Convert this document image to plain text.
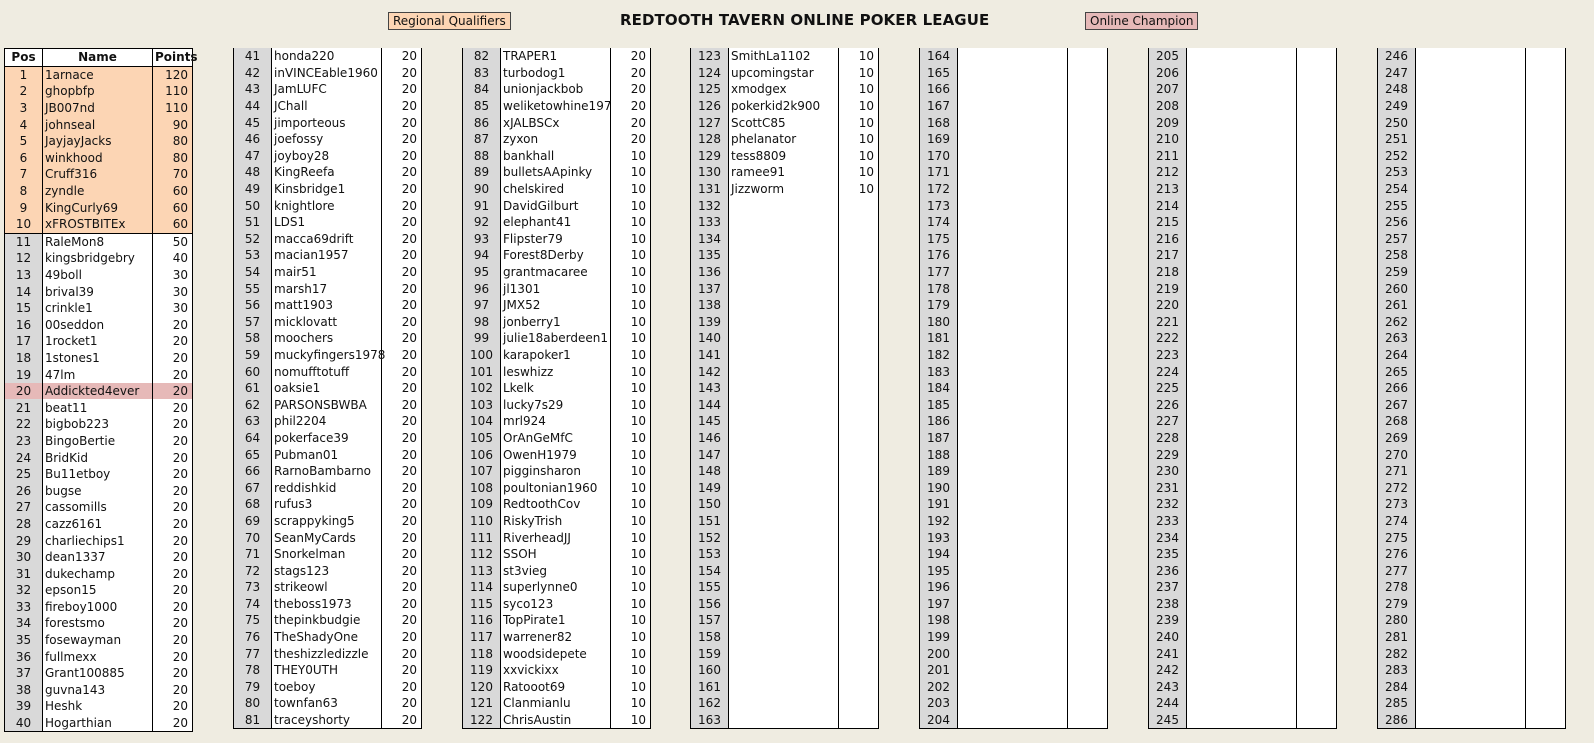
REDTOOTH TAVERN ONLINE POKER LEAGUE
Regional Qualifiers	Online Champion
Pos	Name	Points
1	1arnace	120
2	ghopbfp	110
3	JB007nd	110
4	johnseal	90
5	JayjayJacks	80
6	winkhood	80
7	Cruff316	70
8	zyndle	60
9	KingCurly69	60
10	xFROSTBITEx	60
11	RaleMon8	50
12	kingsbridgebry	40
13	49boll	30
14	brival39	30
15	crinkle1	30
16	00seddon	20
17	1rocket1	20
18	1stones1	20
19	47lm	20
20	Addickted4ever	20
21	beat11	20
22	bigbob223	20
23	BingoBertie	20
24	BridKid	20
25	Bu11etboy	20
26	bugse	20
27	cassomills	20
28	cazz6161	20
29	charliechips1	20
30	dean1337	20
31	dukechamp	20
32	epson15	20
33	fireboy1000	20
34	forestsmo	20
35	fosewayman	20
36	fullmexx	20
37	Grant100885	20
38	guvna143	20
39	Heshk	20
40	Hogarthian	20
41	honda220	20
42	inVINCEable1960	20
43	JamLUFC	20
44	JChall	20
45	jimporteous	20
46	joefossy	20
47	joyboy28	20
48	KingReefa	20
49	Kinsbridge1	20
50	knightlore	20
51	LDS1	20
52	macca69drift	20
53	macian1957	20
54	mair51	20
55	marsh17	20
56	matt1903	20
57	micklovatt	20
58	moochers	20
59	muckyfingers1978	20
60	nomufftotuff	20
61	oaksie1	20
62	PARSONSBWBA	20
63	phil2204	20
64	pokerface39	20
65	Pubman01	20
66	RarnoBambarno	20
67	reddishkid	20
68	rufus3	20
69	scrappyking5	20
70	SeanMyCards	20
71	Snorkelman	20
72	stags123	20
73	strikeowl	20
74	theboss1973	20
75	thepinkbudgie	20
76	TheShadyOne	20
77	theshizzledizzle	20
78	THEY0UTH	20
79	toeboy	20
80	townfan63	20
81	traceyshorty	20
82	TRAPER1	20
83	turbodog1	20
84	unionjackbob	20
85	weliketowhine197	20
86	xJALBSCx	20
87	zyxon	20
88	bankhall	10
89	bulletsAApinky	10
90	chelskired	10
91	DavidGilburt	10
92	elephant41	10
93	Flipster79	10
94	Forest8Derby	10
95	grantmacaree	10
96	jl1301	10
97	JMX52	10
98	jonberry1	10
99	julie18aberdeen1	10
100	karapoker1	10
101	leswhizz	10
102	Lkelk	10
103	lucky7s29	10
104	mrl924	10
105	OrAnGeMfC	10
106	OwenH1979	10
107	pigginsharon	10
108	poultonian1960	10
109	RedtoothCov	10
110	RiskyTrish	10
111	RiverheadJJ	10
112	SSOH	10
113	st3vieg	10
114	superlynne0	10
115	syco123	10
116	TopPirate1	10
117	warrener82	10
118	woodsidepete	10
119	xxvickixx	10
120	Ratooot69	10
121	Clanmianlu	10
122	ChrisAustin	10
123	SmithLa1102	10
124	upcomingstar	10
125	xmodgex	10
126	pokerkid2k900	10
127	ScottC85	10
128	phelanator	10
129	tess8809	10
130	ramee91	10
131	Jizzworm	10
132		
133		
134		
135		
136		
137		
138		
139		
140		
141		
142		
143		
144		
145		
146		
147		
148		
149		
150		
151		
152		
153		
154		
155		
156		
157		
158		
159		
160		
161		
162		
163		
164		
165		
166		
167		
168		
169		
170		
171		
172		
173		
174		
175		
176		
177		
178		
179		
180		
181		
182		
183		
184		
185		
186		
187		
188		
189		
190		
191		
192		
193		
194		
195		
196		
197		
198		
199		
200		
201		
202		
203		
204		
205		
206		
207		
208		
209		
210		
211		
212		
213		
214		
215		
216		
217		
218		
219		
220		
221		
222		
223		
224		
225		
226		
227		
228		
229		
230		
231		
232		
233		
234		
235		
236		
237		
238		
239		
240		
241		
242		
243		
244		
245		
246		
247		
248		
249		
250		
251		
252		
253		
254		
255		
256		
257		
258		
259		
260		
261		
262		
263		
264		
265		
266		
267		
268		
269		
270		
271		
272		
273		
274		
275		
276		
277		
278		
279		
280		
281		
282		
283		
284		
285		
286		
